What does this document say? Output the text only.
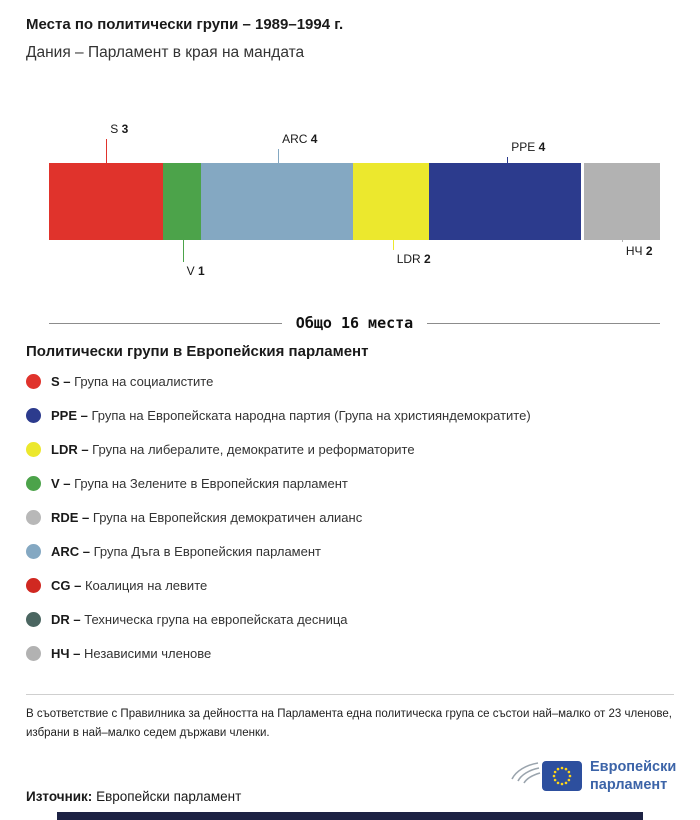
Места по политически групи – 1989–1994 г.

Дания – Парламент в края на мандата

S 3
V 1
ARC 4
LDR 2
PPE 4
НЧ 2
Общо 16 места
Политически групи в Европейския парламент
S – Група на социалистите
PPE – Група на Европейската народна партия (Група на християндемократите)
LDR – Група на либералите, демократите и реформаторите
V – Група на Зелените в Европейския парламент
RDE – Група на Европейския демократичен алианс
ARC – Група Дъга в Европейския парламент
CG – Коалиция на левите
DR – Техническа група на европейската десница
НЧ – Независими членове
В съответствие с Правилника за дейността на Парламента една политическа група се състои най–малко от 23 членове, избрани в най–малко седем държави членки.
Източник: Европейски парламент
Европейски
парламент
